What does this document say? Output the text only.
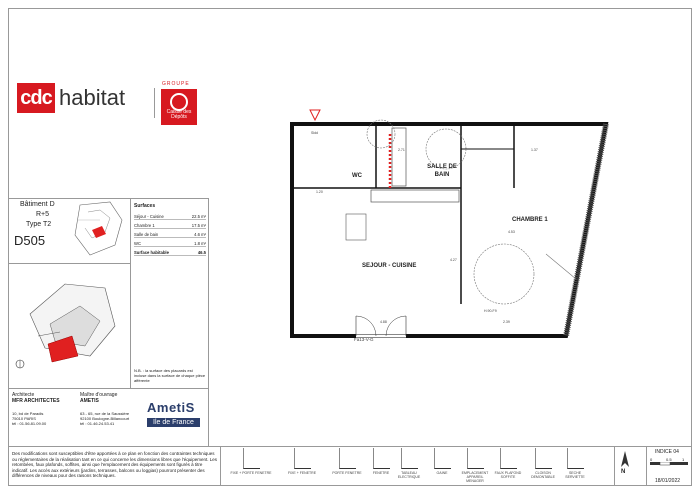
cdc habitat
GROUPE
Caisse des Dépôts
Bâtiment D
R+5
Type T2
D505
Surfaces
Séjour - Cuisine	22.5 m²
Chambre 1	17.5 m²
Salle de bain	4.6 m²
WC	1.8 m²
Surface habitable	46.5
N.B. : la surface des placards est incluse dans la surface de chaque pièce afférente
Architecte
MFR ARCHITECTES
10, bd de Paradis
75010 PARIS
tél : 01.56.81.09.00
Maître d'ouvrage
AMETIS
63 - 65, rue de la Saussière
92100 Boulogne-Billancourt
tél : 01.46.24.53.41
AmetiS
Ile de France
Des modifications sont susceptibles d'être apportées à ce plan en fonction des contraintes techniques ou réglementaires de la réalisation tant en ce qui concerne les dimensions libres que l'équipement. Les retombées, faux plafonds, soffites, ainsi que l'emplacement des équipements sont figurés à titre indicatif. Les accès aux extérieurs (jardins, terrasses, balcons ou loggias) pourront présenter des différences de niveaux pour des raisons techniques.	FIXE + PORTE FENETRE	FIXE + FENETRE	PORTE FENETRE	FENETRE	TABLEAU ELECTRIQUE
GAINE	EMPLACEMENT APPAREIL MENAGER
FAUX PLAFOND SOFFITE
CLOISON DEMONTABLE
SECHE SERVIETTE
N
INDICE 04
0	0.5	1
18/01/2022
WC
SALLE DE BAIN
CHAMBRE 1
SEJOUR - CUISINE
Sldd
Fa13-V-G
2.71	1.37
1.20
4.27
4.53
2.39
4.88
H.90-F9
